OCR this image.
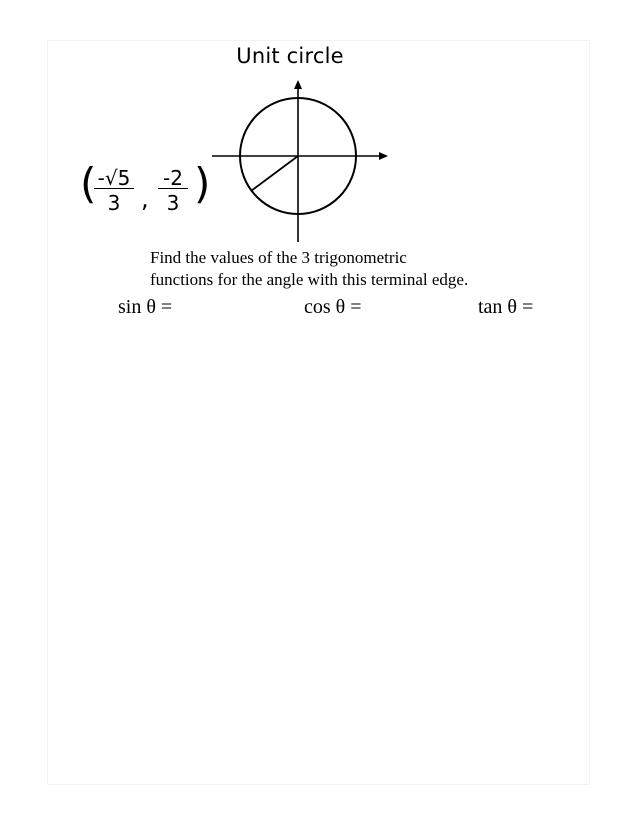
Unit circle
(
$\frac{-√5}{3}$ , $\frac{-2}{3}$ )
Find the values of the 3 trigonometric
functions for the angle with this terminal edge.
sin θ =	cos θ =	tan θ =
